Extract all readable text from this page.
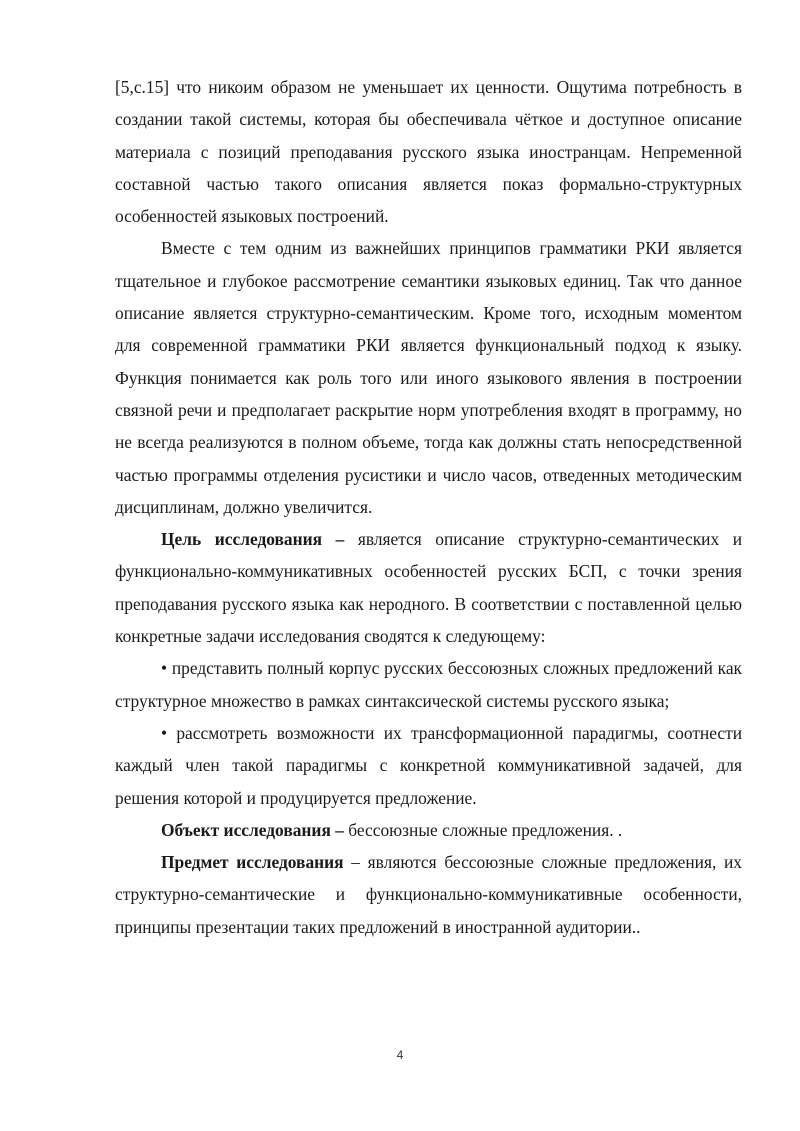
[5,с.15] что никоим образом не уменьшает их ценности. Ощутима потребность в создании такой системы, которая бы обеспечивала чёткое и доступное описание материала с позиций преподавания русского языка иностранцам. Непременной составной частью такого описания является показ формально-структурных особенностей языковых построений.

Вместе с тем одним из важнейших принципов грамматики РКИ является тщательное и глубокое рассмотрение семантики языковых единиц. Так что данное описание является структурно-семантическим. Кроме того, исходным моментом для современной грамматики РКИ является функциональный подход к языку. Функция понимается как роль того или иного языкового явления в построении связной речи и предполагает раскрытие норм употребления входят в программу, но не всегда реализуются в полном объеме, тогда как должны стать непосредственной частью программы отделения русистики и число часов, отведенных методическим дисциплинам, должно увеличится.

Цель исследования – является описание структурно-семантических и функционально-коммуникативных особенностей русских БСП, с точки зрения преподавания русского языка как неродного. В соответствии с поставленной целью конкретные задачи исследования сводятся к следующему:

• представить полный корпус русских бессоюзных сложных предложений как структурное множество в рамках синтаксической системы русского языка;

• рассмотреть возможности их трансформационной парадигмы, соотнести каждый член такой парадигмы с конкретной коммуникативной задачей, для решения которой и продуцируется предложение.

Объект исследования – бессоюзные сложные предложения. .

Предмет исследования – являются бессоюзные сложные предложения, их структурно-семантические и функционально-коммуникативные особенности, принципы презентации таких предложений в иностранной аудитории..

4
